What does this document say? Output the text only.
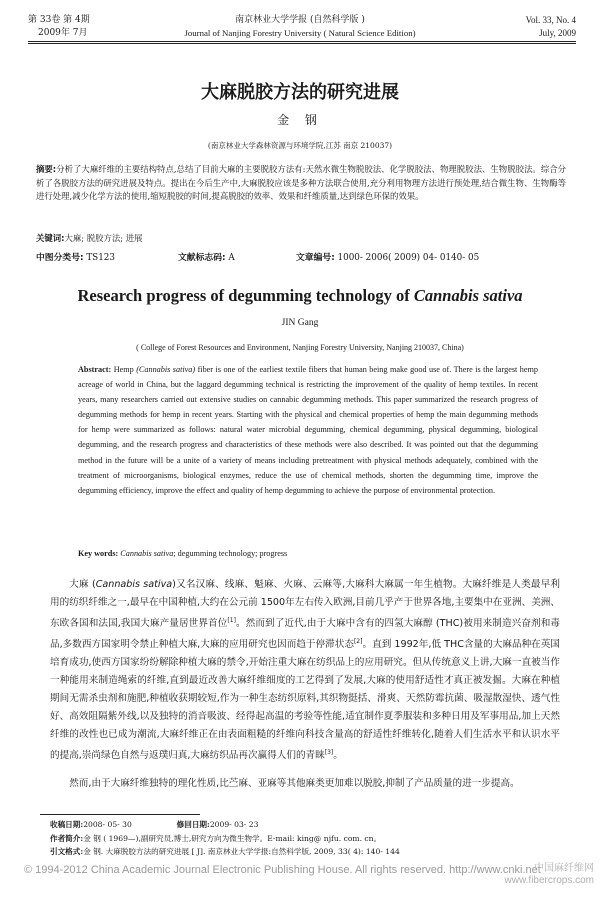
第 33卷 第 4期
2009年 7月
南京林业大学学报 (自然科学版 )
Journal of Nanjing Forestry University ( Natural Science Edition)
Vol. 33, No. 4
July, 2009
大麻脱胶方法的研究进展
金 钢
(南京林业大学森林资源与环境学院,江苏 南京 210037)
摘要:分析了大麻纤维的主要结构特点,总结了目前大麻的主要脱胶方法有:天然水微生物脱胶法、化学脱胶法、物理脱胶法、生物脱胶法。综合分析了各脱胶方法的研究进展及特点。提出在今后生产中,大麻脱胶应该是多种方法联合使用,充分利用物理方法进行预处理,结合微生物、生物酶等进行处理,减少化学方法的使用,缩短脱胶的时间,提高脱胶的效率、效果和纤维质量,达到绿色环保的效果。
关键词:大麻; 脱胶方法; 进展
中图分类号: TS123	文献标志码: A	文章编号: 1000- 2006( 2009) 04- 0140- 05
Research progress of degumming technology of Cannabis sativa
JIN Gang
( College of Forest Resources and Environment, Nanjing Forestry University, Nanjing 210037, China)
Abstract: Hemp (Cannabis sativa) fiber is one of the earliest textile fibers that human being make good use of. There is the largest hemp acreage of world in China, but the laggard degumming technical is restricting the improvement of the quality of hemp textiles. In recent years, many researchers carried out extensive studies on cannabic degumming methods. This paper summarized the research progress of degumming methods for hemp in recent years. Starting with the physical and chemical properties of hemp the main degumming methods for hemp were summarized as follows: natural water microbial degumming, chemical degumming, physical degumming, biological degumming, and the research progress and characteristics of these methods were also described. It was pointed out that the degumming method in the future will be a unite of a variety of means including pretreatment with physical methods adequately, combined with the treatment of microorganisms, biological enzymes, reduce the use of chemical methods, shorten the degumming time, improve the degumming efficiency, improve the effect and quality of hemp degumming to achieve the purpose of environmental protection.
Key words: Cannabis sativa; degumming technology; progress
大麻 (Cannabis sativa)又名汉麻、线麻、魁麻、火麻、云麻等,大麻科大麻属一年生植物。大麻纤维是人类最早利用的纺织纤维之一,最早在中国种植,大约在公元前 1500年左右传入欧洲,目前几乎产于世界各地,主要集中在亚洲、美洲、东欧各国和法国,我国大麻产量居世界首位[1]。然而到了近代,由于大麻中含有的四氢大麻醇 (THC)被用来制造兴奋剂和毒品,多数西方国家明令禁止种植大麻,大麻的应用研究也因而趋于停滞状态[2]。直到 1992年,低 THC含量的大麻品种在英国培育成功,使西方国家纷纷解除种植大麻的禁令,开始注重大麻在纺织品上的应用研究。但从传统意义上讲,大麻一直被当作一种能用来制造绳索的纤维,直到最近改善大麻纤维细度的工艺得到了发展,大麻的使用舒适性才真正被发掘。大麻在种植期间无需杀虫剂和施肥,种植收获期较短,作为一种生态纺织原料,其织物挺括、滑爽、天然防霉抗菌、吸湿散湿快、透气性好、高效阻隔紫外线,以及独特的消音吸波、经得起高温的考验等性能,适宜制作夏季服装和多种日用及军事用品,加上天然纤维的改性也已成为潮流,大麻纤维正在由表面粗糙的纤维向科技含量高的舒适性纤维转化,随着人们生活水平和认识水平的提高,崇尚绿色自然与返璞归真,大麻纺织品再次赢得人们的青睐[3]。
然而,由于大麻纤维独特的理化性质,比苎麻、亚麻等其他麻类更加难以脱胶,抑制了产品质量的进一步提高。
收稿日期:2008- 05- 30	修回日期:2009- 03- 23
作者简介:金 钢 ( 1969—),副研究员,博士,研究方向为微生物学。E-mail: king@ njfu. com. cn。
引文格式:金 钢. 大麻脱胶方法的研究进展 [ J]. 南京林业大学学报:自然科学版, 2009, 33( 4): 140- 144
© 1994-2012 China Academic Journal Electronic Publishing House. All rights reserved. http://www.cnki.net
中国麻纤维网
www.fibercrops.com
